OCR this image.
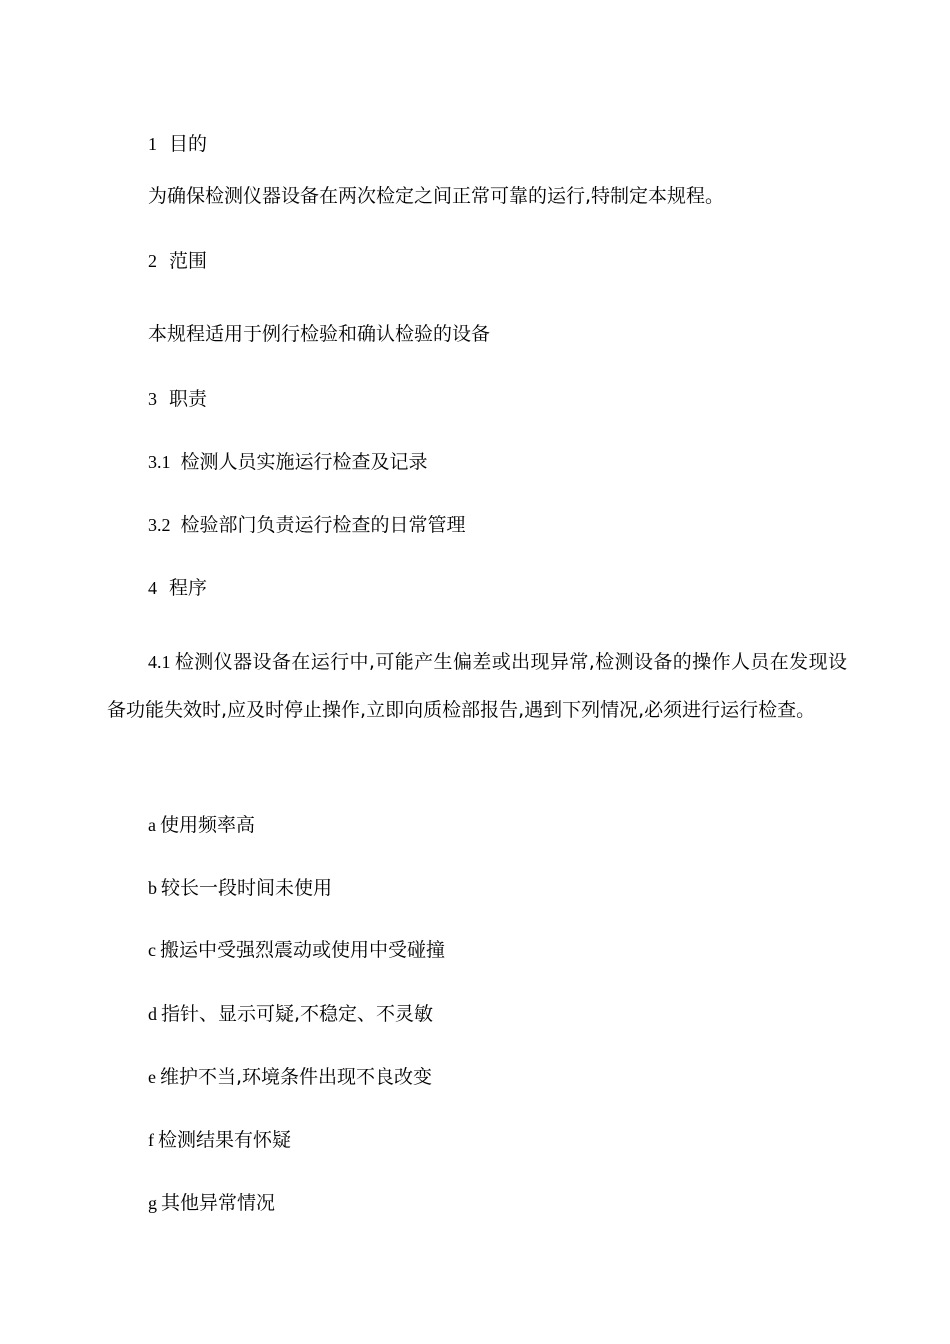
1 目的
为确保检测仪器设备在两次检定之间正常可靠的运行,特制定本规程。
2 范围
本规程适用于例行检验和确认检验的设备
3 职责
3.1 检测人员实施运行检查及记录
3.2 检验部门负责运行检查的日常管理
4 程序
4.1 检测仪器设备在运行中,可能产生偏差或出现异常,检测设备的操作人员在发现设备功能失效时,应及时停止操作,立即向质检部报告,遇到下列情况,必须进行运行检查。
a 使用频率高
b 较长一段时间未使用
c 搬运中受强烈震动或使用中受碰撞
d 指针、显示可疑,不稳定、不灵敏
e 维护不当,环境条件出现不良改变
f 检测结果有怀疑
g 其他异常情况
